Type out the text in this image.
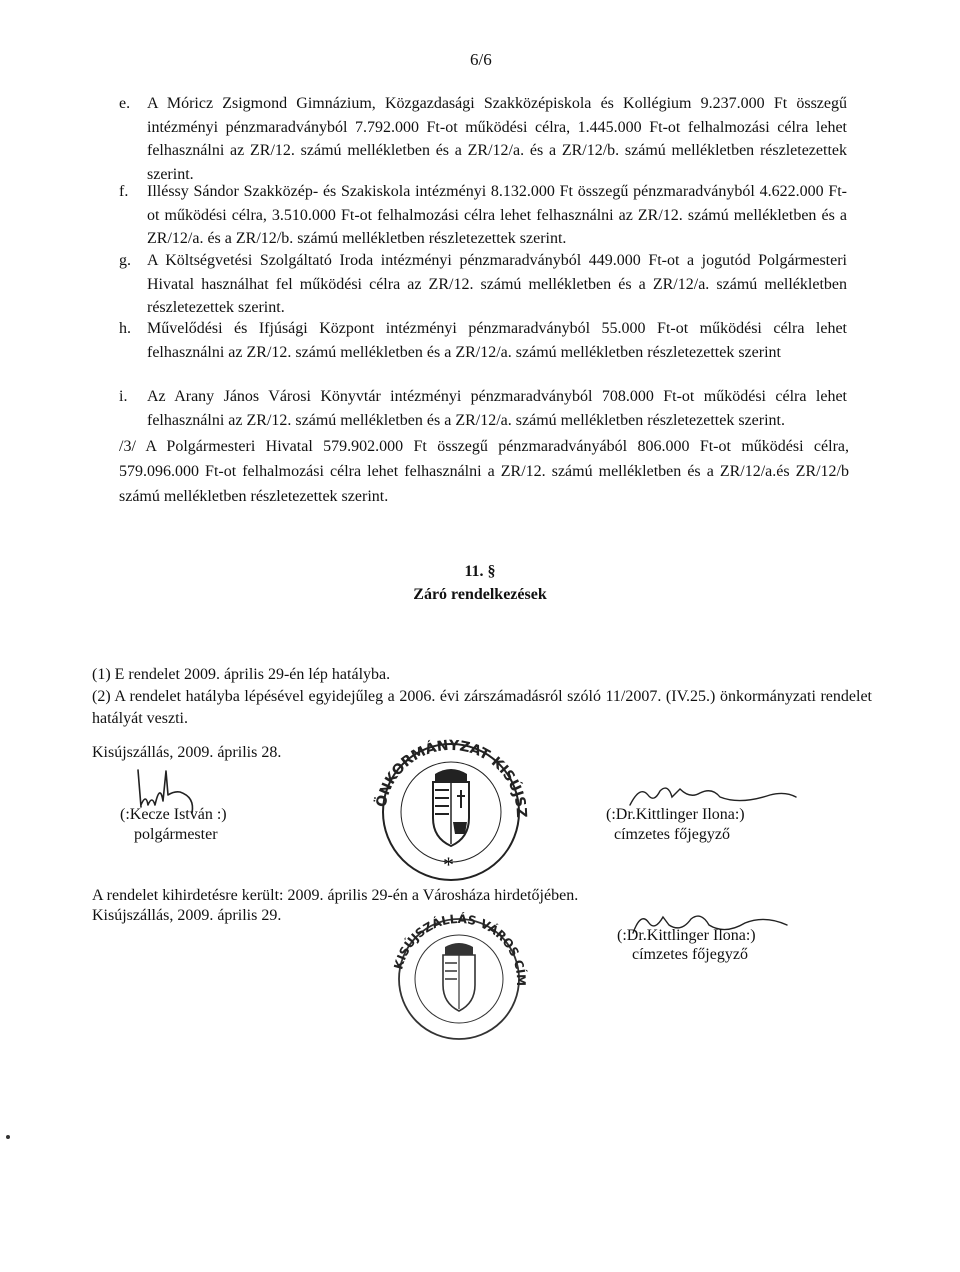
6/6
e.	A Móricz Zsigmond Gimnázium, Közgazdasági Szakközépiskola és Kollégium 9.237.000 Ft összegű intézményi pénzmaradványból 7.792.000 Ft-ot működési célra, 1.445.000 Ft-ot felhalmozási célra lehet felhasználni az ZR/12. számú mellékletben és a ZR/12/a. és a ZR/12/b. számú mellékletben részletezettek szerint.
f.	Illéssy Sándor Szakközép- és Szakiskola intézményi 8.132.000 Ft összegű pénzmaradványból 4.622.000 Ft-ot működési célra, 3.510.000 Ft-ot felhalmozási célra lehet felhasználni az ZR/12. számú mellékletben és a ZR/12/a. és a ZR/12/b. számú mellékletben részletezettek szerint.
g.	A Költségvetési Szolgáltató Iroda intézményi pénzmaradványból 449.000 Ft-ot a jogutód Polgármesteri Hivatal használhat fel működési célra az ZR/12. számú mellékletben és a ZR/12/a. számú mellékletben részletezettek szerint.
h.	Művelődési és Ifjúsági Központ intézményi pénzmaradványból 55.000 Ft-ot működési célra lehet felhasználni az ZR/12. számú mellékletben és a ZR/12/a. számú mellékletben részletezettek szerint
i.	Az Arany János Városi Könyvtár intézményi pénzmaradványból 708.000 Ft-ot működési célra lehet felhasználni az ZR/12. számú mellékletben és a ZR/12/a. számú mellékletben részletezettek szerint.
/3/ A Polgármesteri Hivatal 579.902.000 Ft összegű pénzmaradványából 806.000 Ft-ot működési célra, 579.096.000 Ft-ot felhalmozási célra lehet felhasználni a ZR/12. számú mellékletben és a ZR/12/a.és ZR/12/b számú mellékletben részletezettek szerint.
11. §
Záró rendelkezések
(1) E rendelet 2009. április 29-én lép hatályba.
(2) A rendelet hatályba lépésével egyidejűleg a 2006. évi zárszámadásról szóló 11/2007. (IV.25.) önkormányzati rendelet hatályát veszti.
Kisújszállás, 2009. április 28.
(:Kecze István :)
polgármester
ÖNKORMÁNYZAT KISÚJSZÁLLÁS
*
(:Dr.Kittlinger Ilona:)
címzetes főjegyző
A rendelet kihirdetésre került: 2009. április 29-én a Városháza hirdetőjében.
Kisújszállás, 2009. április 29.
KISÚJSZÁLLÁS VÁROS CÍMERE
(:Dr.Kittlinger Ilona:)
címzetes főjegyző
